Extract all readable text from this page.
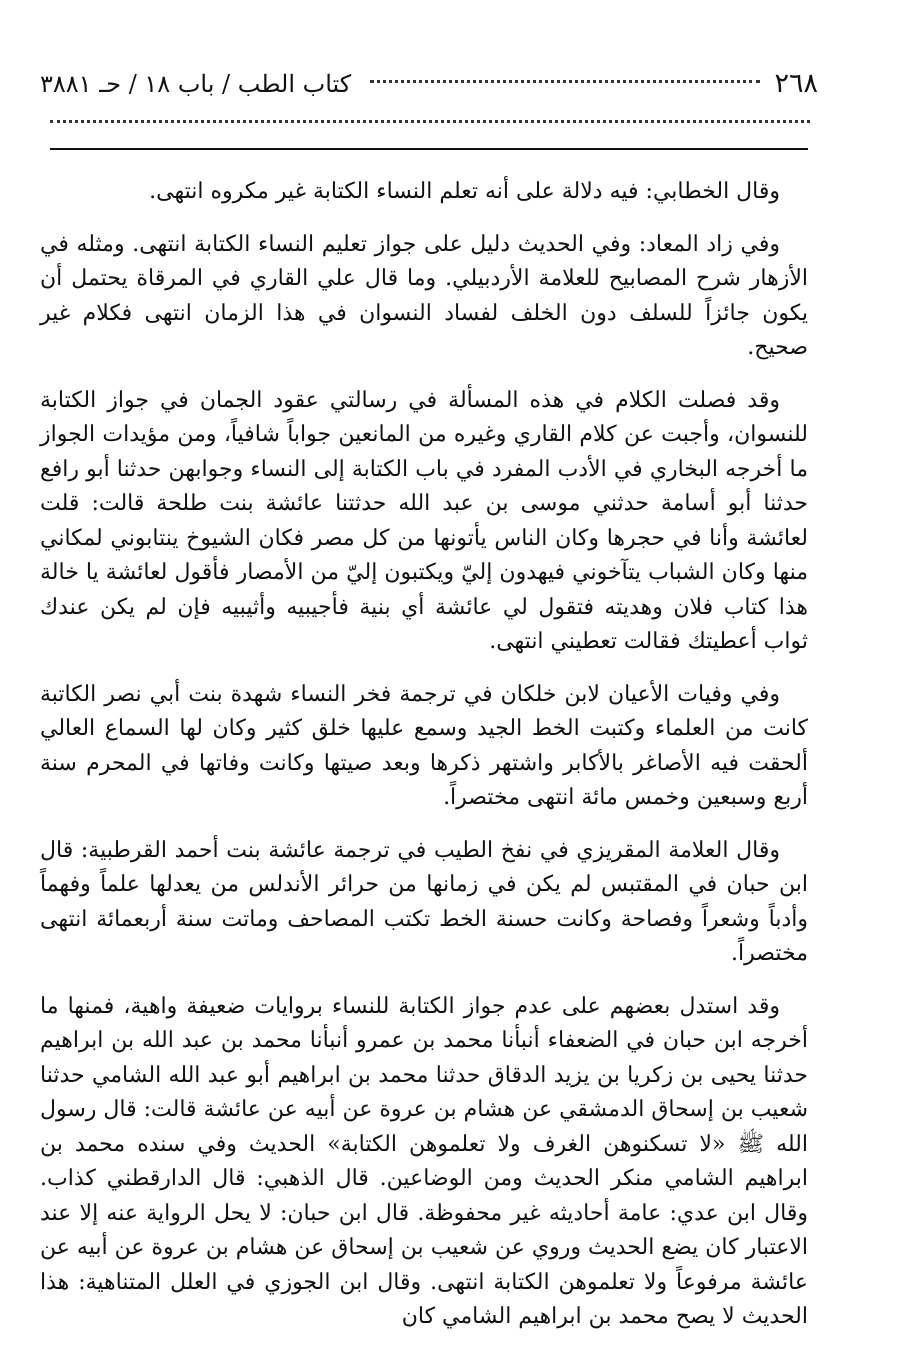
٢٦٨
كتاب الطب / باب ١٨ / حـ ٣٨٨١

وقال الخطابي: فيه دلالة على أنه تعلم النساء الكتابة غير مكروه انتهى.

وفي زاد المعاد: وفي الحديث دليل على جواز تعليم النساء الكتابة انتهى. ومثله في الأزهار شرح المصابيح للعلامة الأردبيلي. وما قال علي القاري في المرقاة يحتمل أن يكون جائزاً للسلف دون الخلف لفساد النسوان في هذا الزمان انتهى فكلام غير صحيح.

وقد فصلت الكلام في هذه المسألة في رسالتي عقود الجمان في جواز الكتابة للنسوان، وأجبت عن كلام القاري وغيره من المانعين جواباً شافياً، ومن مؤيدات الجواز ما أخرجه البخاري في الأدب المفرد في باب الكتابة إلى النساء وجوابهن حدثنا أبو رافع حدثنا أبو أسامة حدثني موسى بن عبد الله حدثتنا عائشة بنت طلحة قالت: قلت لعائشة وأنا في حجرها وكان الناس يأتونها من كل مصر فكان الشيوخ ينتابوني لمكاني منها وكان الشباب يتآخوني فيهدون إليّ ويكتبون إليّ من الأمصار فأقول لعائشة يا خالة هذا كتاب فلان وهديته فتقول لي عائشة أي بنية فأجيبيه وأثيبيه فإن لم يكن عندك ثواب أعطيتك فقالت تعطيني انتهى.

وفي وفيات الأعيان لابن خلكان في ترجمة فخر النساء شهدة بنت أبي نصر الكاتبة كانت من العلماء وكتبت الخط الجيد وسمع عليها خلق كثير وكان لها السماع العالي ألحقت فيه الأصاغر بالأكابر واشتهر ذكرها وبعد صيتها وكانت وفاتها في المحرم سنة أربع وسبعين وخمس مائة انتهى مختصراً.

وقال العلامة المقريزي في نفخ الطيب في ترجمة عائشة بنت أحمد القرطبية: قال ابن حبان في المقتبس لم يكن في زمانها من حرائر الأندلس من يعدلها علماً وفهماً وأدباً وشعراً وفصاحة وكانت حسنة الخط تكتب المصاحف وماتت سنة أربعمائة انتهى مختصراً.

وقد استدل بعضهم على عدم جواز الكتابة للنساء بروايات ضعيفة واهية، فمنها ما أخرجه ابن حبان في الضعفاء أنبأنا محمد بن عمرو أنبأنا محمد بن عبد الله بن ابراهيم حدثنا يحيى بن زكريا بن يزيد الدقاق حدثنا محمد بن ابراهيم أبو عبد الله الشامي حدثنا شعيب بن إسحاق الدمشقي عن هشام بن عروة عن أبيه عن عائشة قالت: قال رسول الله ﷺ «لا تسكنوهن الغرف ولا تعلموهن الكتابة» الحديث وفي سنده محمد بن ابراهيم الشامي منكر الحديث ومن الوضاعين. قال الذهبي: قال الدارقطني كذاب. وقال ابن عدي: عامة أحاديثه غير محفوظة. قال ابن حبان: لا يحل الرواية عنه إلا عند الاعتبار كان يضع الحديث وروي عن شعيب بن إسحاق عن هشام بن عروة عن أبيه عن عائشة مرفوعاً ولا تعلموهن الكتابة انتهى. وقال ابن الجوزي في العلل المتناهية: هذا الحديث لا يصح محمد بن ابراهيم الشامي كان
